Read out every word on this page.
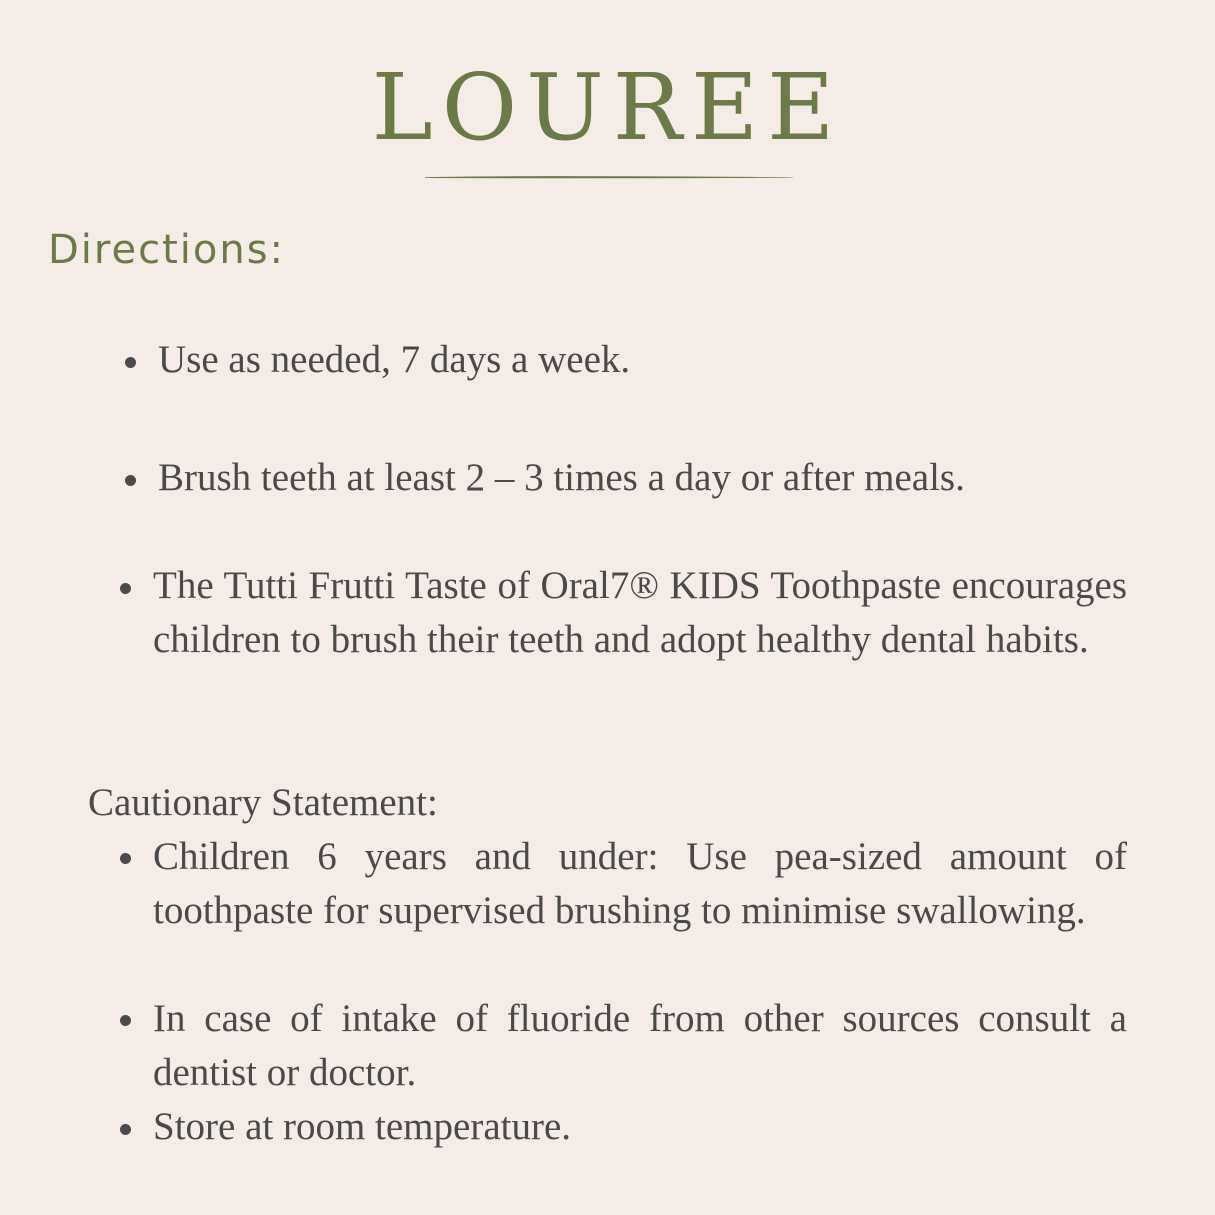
LOUREE
Directions:
Use as needed, 7 days a week.
Brush teeth at least 2 – 3 times a day or after meals.
The Tutti Frutti Taste of Oral7® KIDS Toothpaste encourages children to brush their teeth and adopt healthy dental habits.
Cautionary Statement:
Children 6 years and under: Use pea-sized amount of toothpaste for supervised brushing to minimise swallowing.
In case of intake of fluoride from other sources consult a dentist or doctor.
Store at room temperature.
